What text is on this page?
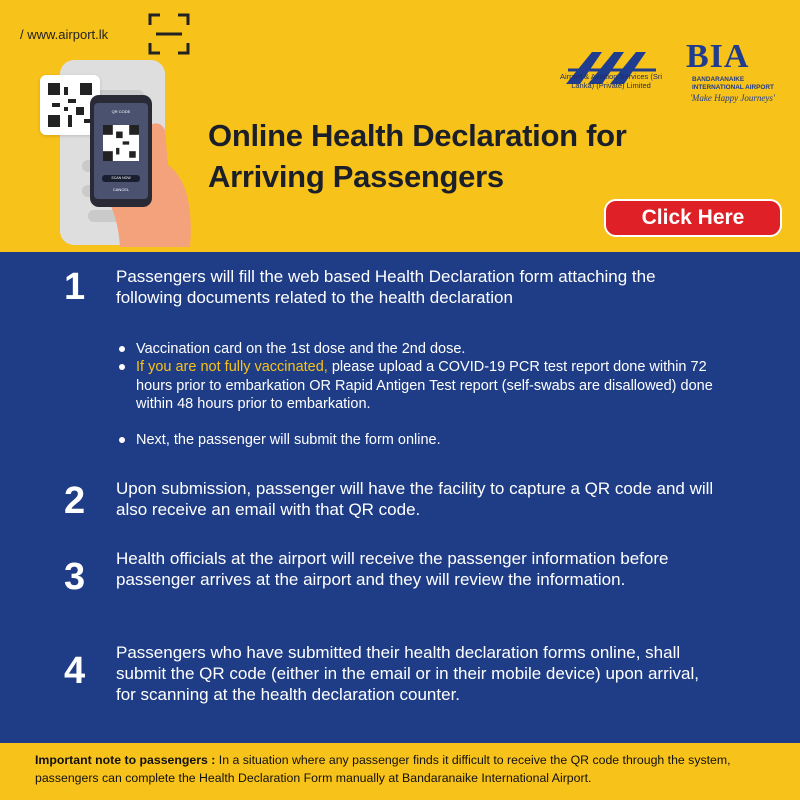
/ www.airport.lk
QR CODE
SCAN NOW
CANCEL
Airport & Aviation Services (Sri Lanka) (Private) Limited
BIA
BANDARANAIKE INTERNATIONAL AIRPORT
'Make Happy Journeys'
Online Health Declaration for
Arriving Passengers
Click Here
1 Passengers will fill the web based Health Declaration form attaching the following documents related to the health declaration
Vaccination card on the 1st dose and the 2nd dose.
If you are not fully vaccinated, please upload a COVID-19 PCR test report done within 72 hours prior to embarkation OR Rapid Antigen Test report (self-swabs are disallowed) done within 48 hours prior to embarkation.
Next, the passenger will submit the form online.
2 Upon submission, passenger will have the facility to capture a QR code and will also receive an email with that QR code.
3 Health officials at the airport will receive the passenger information before passenger arrives at the airport and they will review the information.
4 Passengers who have submitted their health declaration forms online, shall submit the QR code (either in the email or in their mobile device) upon arrival, for scanning at the health declaration counter.
Important note to passengers : In a situation where any passenger finds it difficult to receive the QR code through the system, passengers can complete the Health Declaration Form manually at Bandaranaike International Airport.
